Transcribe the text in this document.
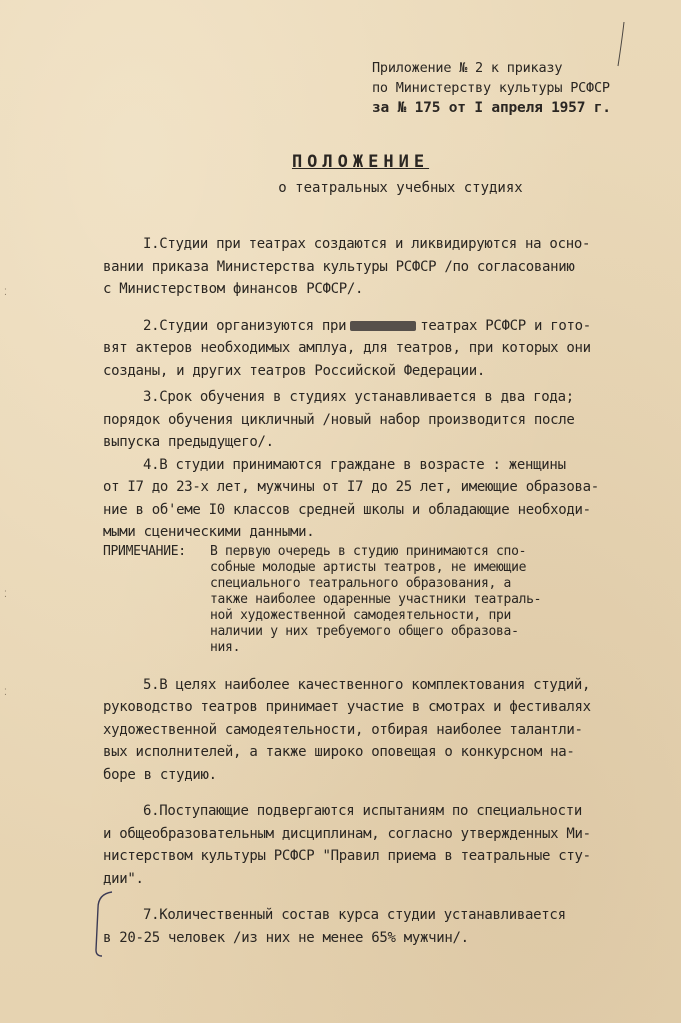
Приложение № 2 к приказу
по Министерству культуры РСФСР
за № 175 от I апреля 1957 г.
ПОЛОЖЕНИЕ
о театральных учебных студиях
I.Студии при театрах создаются и ликвидируются на осно-
вании приказа Министерства культуры РСФСР /по согласованию
с Министерством финансов РСФСР/.
2.Студии организуются при	театрах РСФСР и гото-
вят актеров необходимых амплуа, для театров, при которых они
созданы, и других театров Российской Федерации.
3.Срок обучения в студиях устанавливается в два года;
порядок обучения цикличный /новый набор производится после
выпуска предыдущего/.
4.В студии принимаются граждане в возрасте : женщины
от I7 до 23-х лет, мужчины от I7 до 25 лет, имеющие образова-
ние в об'еме I0 классов средней школы и обладающие необходи-
мыми сценическими данными.
ПРИМЕЧАНИЕ:	В первую очередь в студию принимаются спо-
собные молодые артисты театров, не имеющие
специального театрального образования, а
также наиболее одаренные участники театраль-
ной художественной самодеятельности, при
наличии у них требуемого общего образова-
ния.
5.В целях наиболее качественного комплектования студий,
руководство театров принимает участие в смотрах и фестивалях
художественной самодеятельности, отбирая наиболее талантли-
вых исполнителей, а также широко оповещая о конкурсном на-
боре в студию.
6.Поступающие подвергаются испытаниям по специальности
и общеобразовательным дисциплинам, согласно утвержденных Ми-
нистерством культуры РСФСР "Правил приема в театральные сту-
дии".
7.Количественный состав курса студии устанавливается
в 20-25 человек /из них не менее 65% мужчин/.
⁚
⁚
⁚
